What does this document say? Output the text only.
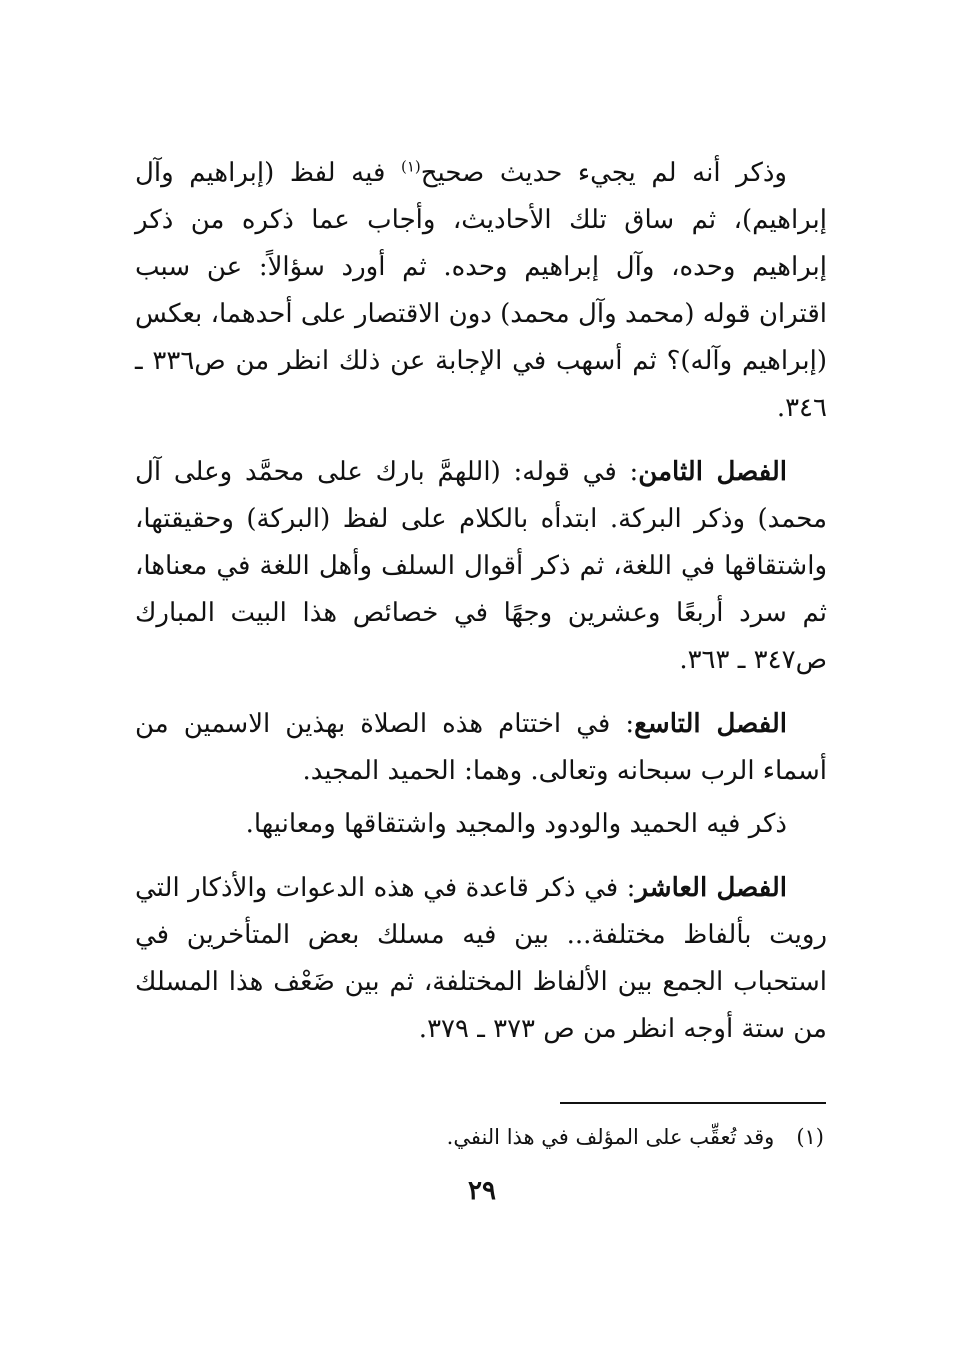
وذكر أنه لم يجيء حديث صحيح$^{(١)}$ فيه لفظ (إبراهيم وآل إبراهيم)، ثم ساق تلك الأحاديث، وأجاب عما ذكره من ذكر إبراهيم وحده، وآل إبراهيم وحده. ثم أورد سؤالاً: عن سبب اقتران قوله (محمد وآل محمد) دون الاقتصار على أحدهما، بعكس (إبراهيم وآله)؟ ثم أسهب في الإجابة عن ذلك انظر من ص٣٣٦ ـ ٣٤٦.

الفصل الثامن: في قوله: (اللهمَّ بارك على محمَّد وعلى آل محمد) وذكر البركة. ابتدأه بالكلام على لفظ (البركة) وحقيقتها، واشتقاقها في اللغة، ثم ذكر أقوال السلف وأهل اللغة في معناها، ثم سرد أربعًا وعشرين وجهًا في خصائص هذا البيت المبارك ص٣٤٧ ـ ٣٦٣.

الفصل التاسع: في اختتام هذه الصلاة بهذين الاسمين من أسماء الرب سبحانه وتعالى. وهما: الحميد المجيد.

ذكر فيه الحميد والودود والمجيد واشتقاقها ومعانيها.

الفصل العاشر: في ذكر قاعدة في هذه الدعوات والأذكار التي رويت بألفاظ مختلفة... بين فيه مسلك بعض المتأخرين في استحباب الجمع بين الألفاظ المختلفة، ثم بين ضَعْف هذا المسلك من ستة أوجه انظر من ص ٣٧٣ ـ ٣٧٩.

(١)وقد تُعقِّب على المؤلف في هذا النفي.
٢٩
